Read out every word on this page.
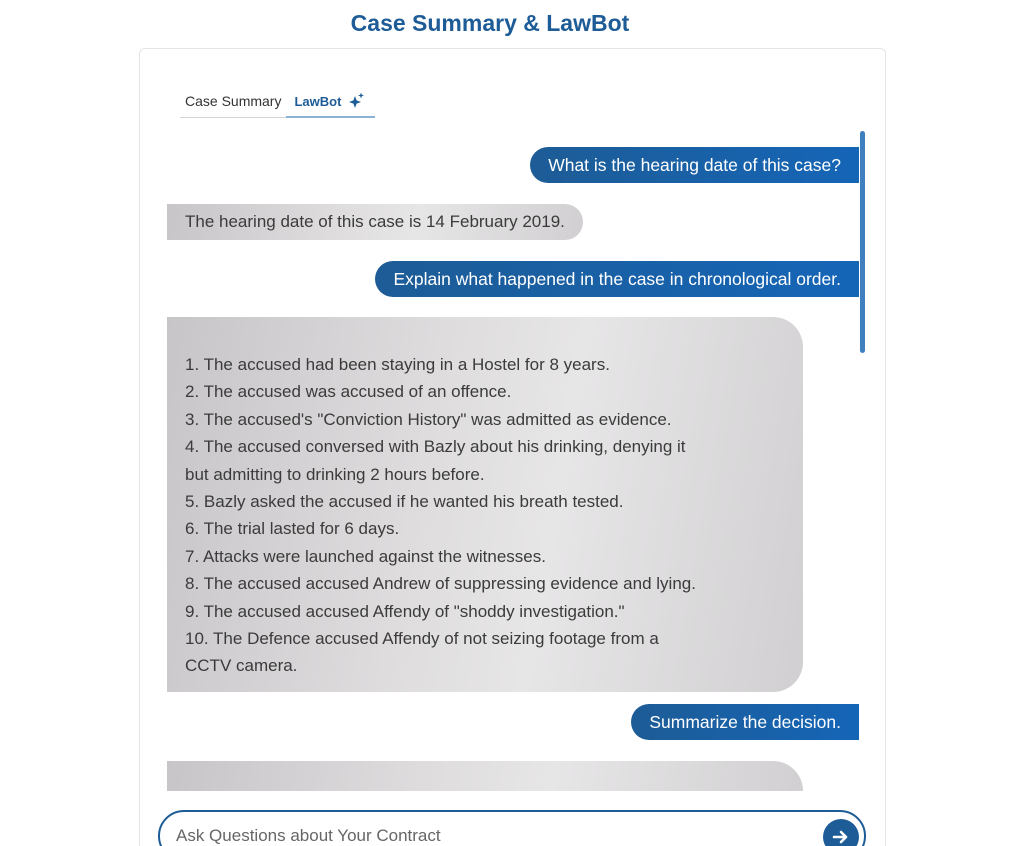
Case Summary & LawBot
Case Summary	LawBot
What is the hearing date of this case?
The hearing date of this case is 14 February 2019.
Explain what happened in the case in chronological order.
1. The accused had been staying in a Hostel for 8 years.
2. The accused was accused of an offence.
3. The accused's "Conviction History" was admitted as evidence.
4. The accused conversed with Bazly about his drinking, denying it
but admitting to drinking 2 hours before.
5. Bazly asked the accused if he wanted his breath tested.
6. The trial lasted for 6 days.
7. Attacks were launched against the witnesses.
8. The accused accused Andrew of suppressing evidence and lying.
9. The accused accused Affendy of "shoddy investigation."
10. The Defence accused Affendy of not seizing footage from a
CCTV camera.
Summarize the decision.
Ask Questions about Your Contract
